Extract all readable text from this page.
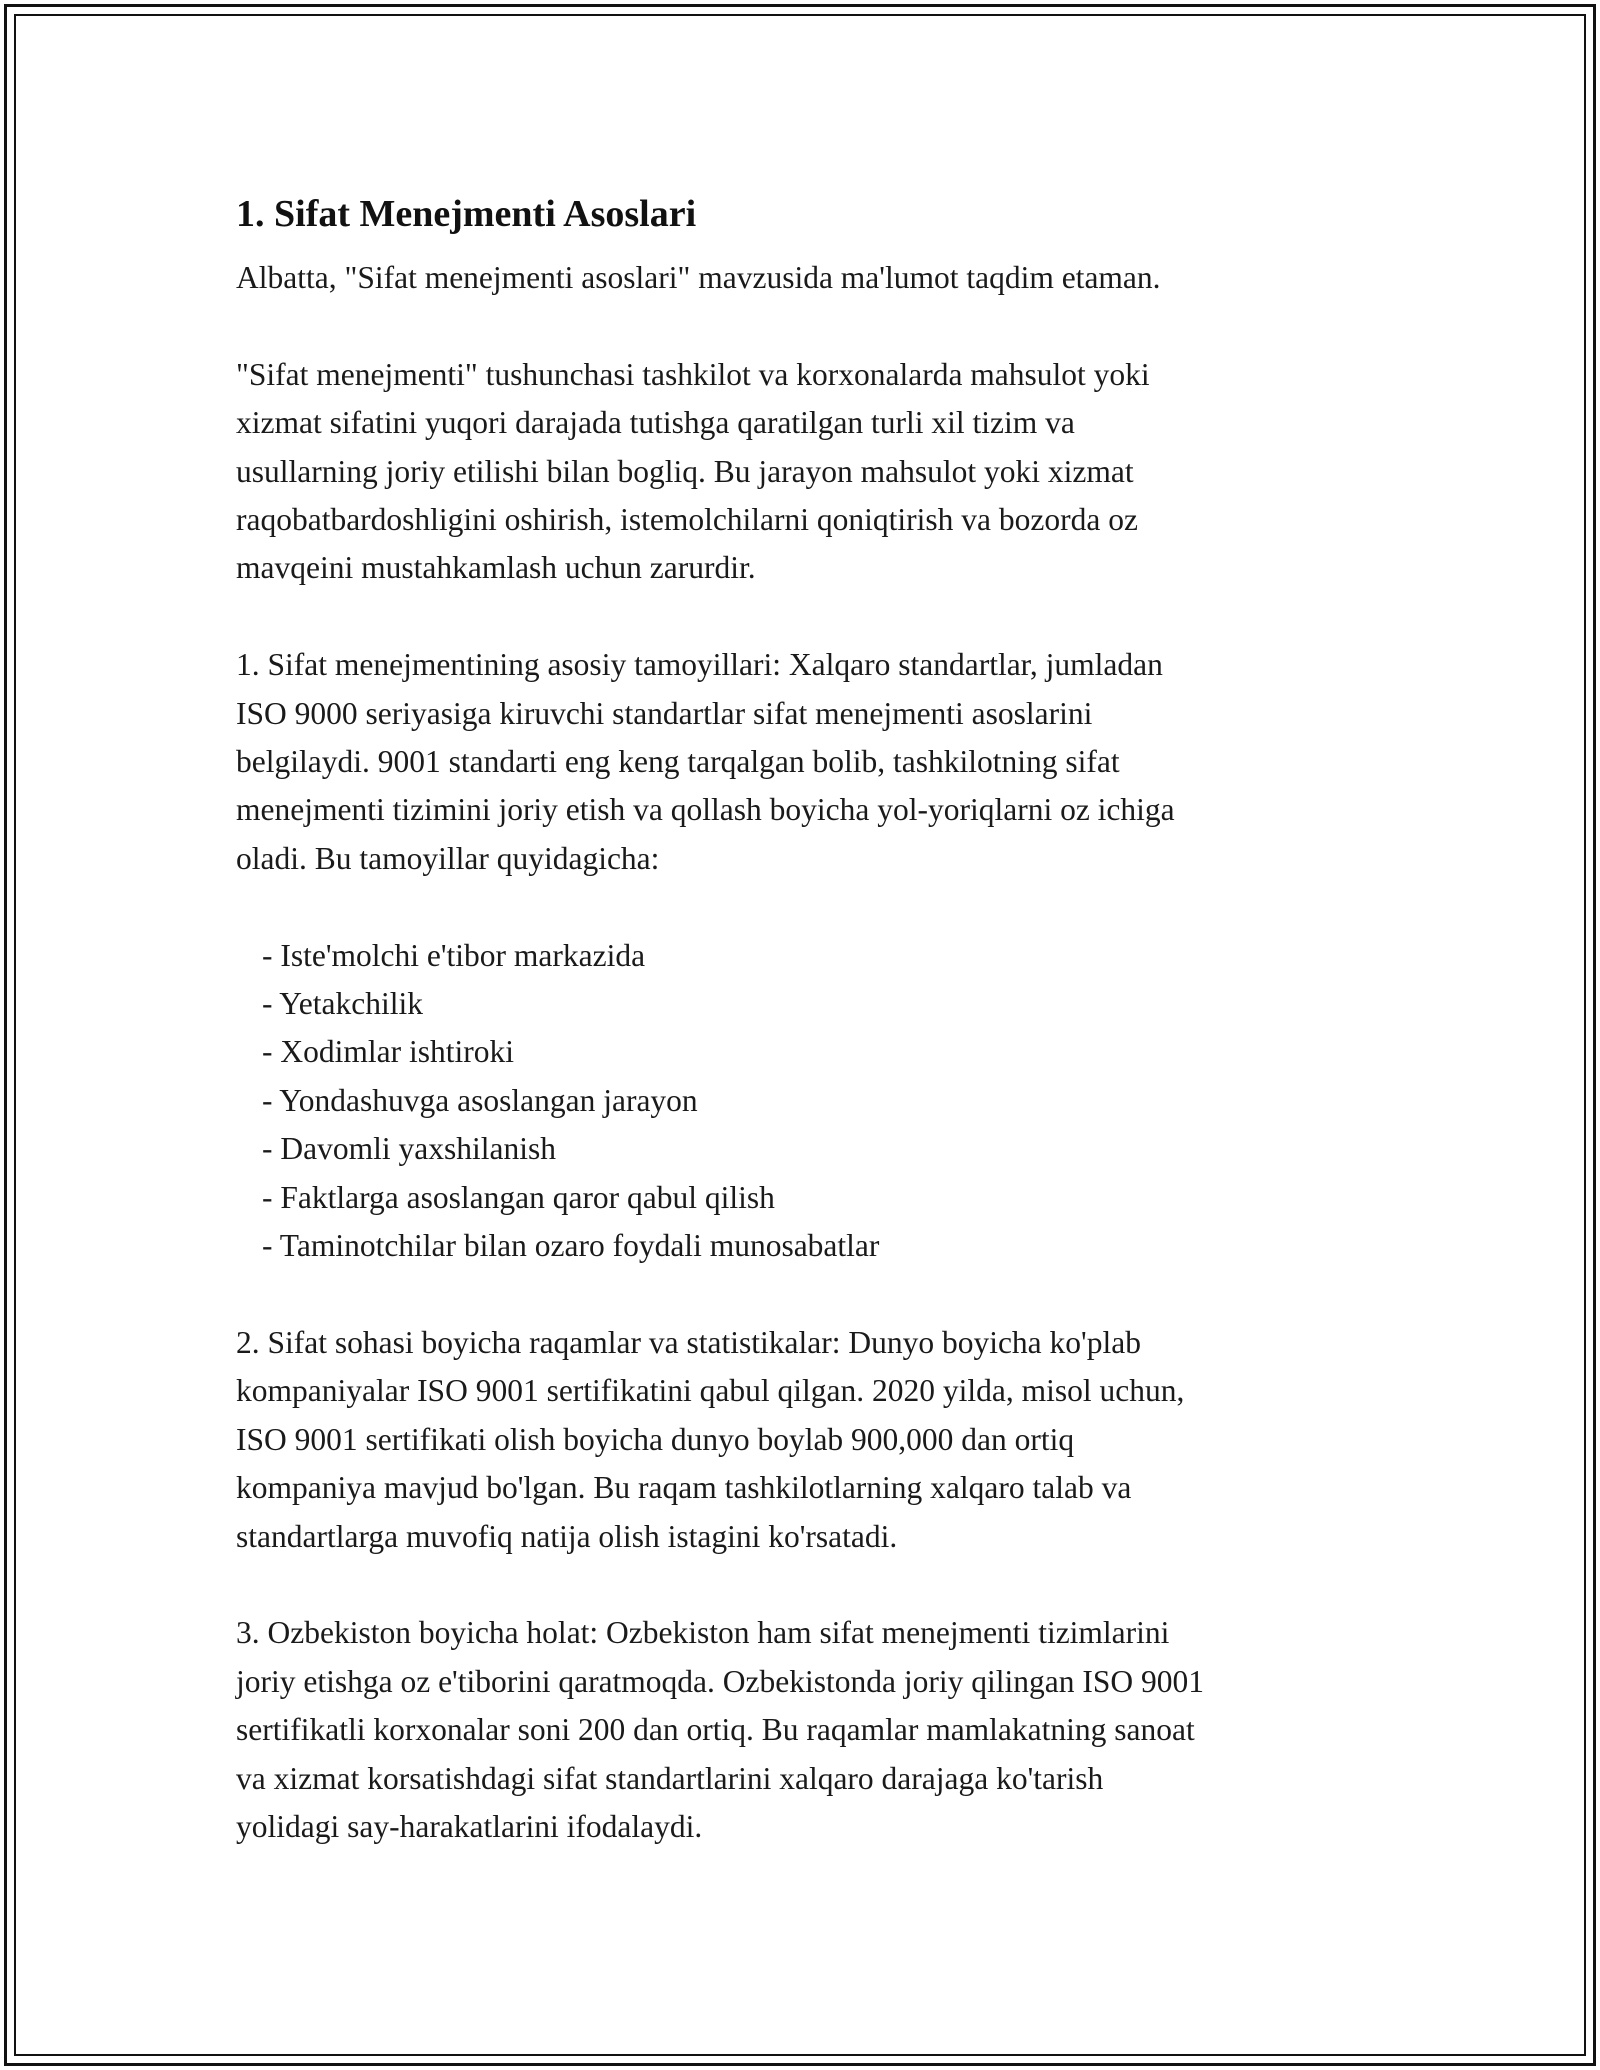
1. Sifat Menejmenti Asoslari

Albatta, "Sifat menejmenti asoslari" mavzusida ma'lumot taqdim etaman.

"Sifat menejmenti" tushunchasi tashkilot va korxonalarda mahsulot yoki
xizmat sifatini yuqori darajada tutishga qaratilgan turli xil tizim va
usullarning joriy etilishi bilan bogliq. Bu jarayon mahsulot yoki xizmat
raqobatbardoshligini oshirish, istemolchilarni qoniqtirish va bozorda oz
mavqeini mustahkamlash uchun zarurdir.

1. Sifat menejmentining asosiy tamoyillari: Xalqaro standartlar, jumladan
ISO 9000 seriyasiga kiruvchi standartlar sifat menejmenti asoslarini
belgilaydi. 9001 standarti eng keng tarqalgan bolib, tashkilotning sifat
menejmenti tizimini joriy etish va qollash boyicha yol-yoriqlarni oz ichiga
oladi. Bu tamoyillar quyidagicha:

- Iste'molchi e'tibor markazida
- Yetakchilik
- Xodimlar ishtiroki
- Yondashuvga asoslangan jarayon
- Davomli yaxshilanish
- Faktlarga asoslangan qaror qabul qilish
- Taminotchilar bilan ozaro foydali munosabatlar

2. Sifat sohasi boyicha raqamlar va statistikalar: Dunyo boyicha ko'plab
kompaniyalar ISO 9001 sertifikatini qabul qilgan. 2020 yilda, misol uchun,
ISO 9001 sertifikati olish boyicha dunyo boylab 900,000 dan ortiq
kompaniya mavjud bo'lgan. Bu raqam tashkilotlarning xalqaro talab va
standartlarga muvofiq natija olish istagini ko'rsatadi.

3. Ozbekiston boyicha holat: Ozbekiston ham sifat menejmenti tizimlarini
joriy etishga oz e'tiborini qaratmoqda. Ozbekistonda joriy qilingan ISO 9001
sertifikatli korxonalar soni 200 dan ortiq. Bu raqamlar mamlakatning sanoat
va xizmat korsatishdagi sifat standartlarini xalqaro darajaga ko'tarish
yolidagi say-harakatlarini ifodalaydi.
